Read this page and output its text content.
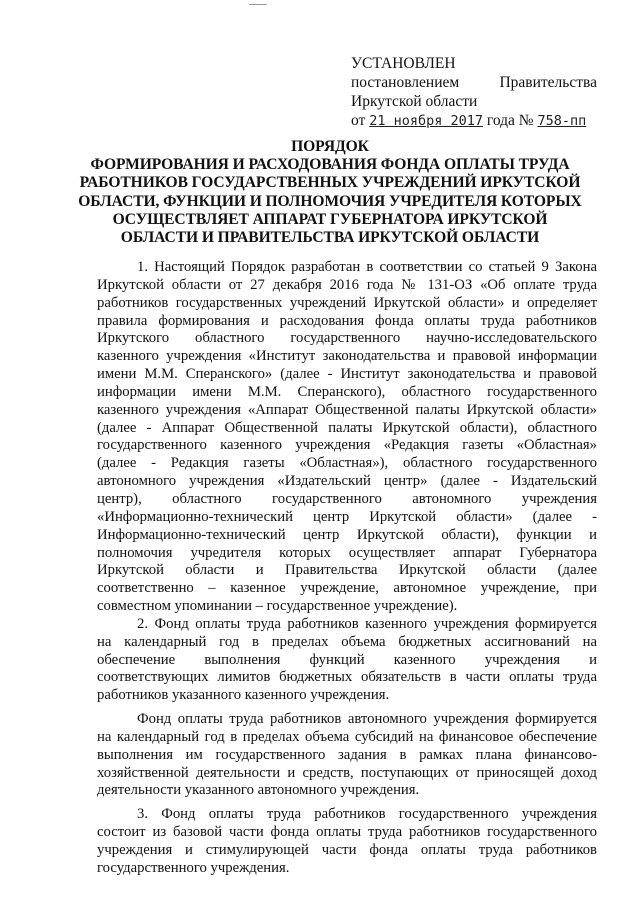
УСТАНОВЛЕН
постановлением	Правительства
Иркутской области
от 21 ноября 2017 года № 758-пп
ПОРЯДОК
ФОРМИРОВАНИЯ И РАСХОДОВАНИЯ ФОНДА ОПЛАТЫ ТРУДА
РАБОТНИКОВ ГОСУДАРСТВЕННЫХ УЧРЕЖДЕНИЙ ИРКУТСКОЙ
ОБЛАСТИ, ФУНКЦИИ И ПОЛНОМОЧИЯ УЧРЕДИТЕЛЯ КОТОРЫХ
ОСУЩЕСТВЛЯЕТ АППАРАТ ГУБЕРНАТОРА ИРКУТСКОЙ
ОБЛАСТИ И ПРАВИТЕЛЬСТВА ИРКУТСКОЙ ОБЛАСТИ
1. Настоящий Порядок разработан в соответствии со статьей 9 Закона
Иркутской области от 27 декабря 2016 года № 131-ОЗ «Об оплате труда
работников государственных учреждений Иркутской области» и определяет
правила формирования и расходования фонда оплаты труда работников
Иркутского областного государственного научно-исследовательского
казенного учреждения «Институт законодательства и правовой информации
имени М.М. Сперанского» (далее - Институт законодательства и правовой
информации имени М.М. Сперанского), областного государственного
казенного учреждения «Аппарат Общественной палаты Иркутской области»
(далее - Аппарат Общественной палаты Иркутской области), областного
государственного казенного учреждения «Редакция газеты «Областная»
(далее - Редакция газеты «Областная»), областного государственного
автономного учреждения «Издательский центр» (далее - Издательский
центр), областного государственного автономного учреждения
«Информационно-технический центр Иркутской области» (далее -
Информационно-технический центр Иркутской области), функции и
полномочия учредителя которых осуществляет аппарат Губернатора
Иркутской области и Правительства Иркутской области (далее
соответственно – казенное учреждение, автономное учреждение, при
совместном упоминании – государственное учреждение).
2. Фонд оплаты труда работников казенного учреждения формируется
на календарный год в пределах объема бюджетных ассигнований на
обеспечение выполнения функций казенного учреждения и
соответствующих лимитов бюджетных обязательств в части оплаты труда
работников указанного казенного учреждения.
Фонд оплаты труда работников автономного учреждения формируется
на календарный год в пределах объема субсидий на финансовое обеспечение
выполнения им государственного задания в рамках плана финансово-
хозяйственной деятельности и средств, поступающих от приносящей доход
деятельности указанного автономного учреждения.
3. Фонд оплаты труда работников государственного учреждения
состоит из базовой части фонда оплаты труда работников государственного
учреждения и стимулирующей части фонда оплаты труда работников
государственного учреждения.
